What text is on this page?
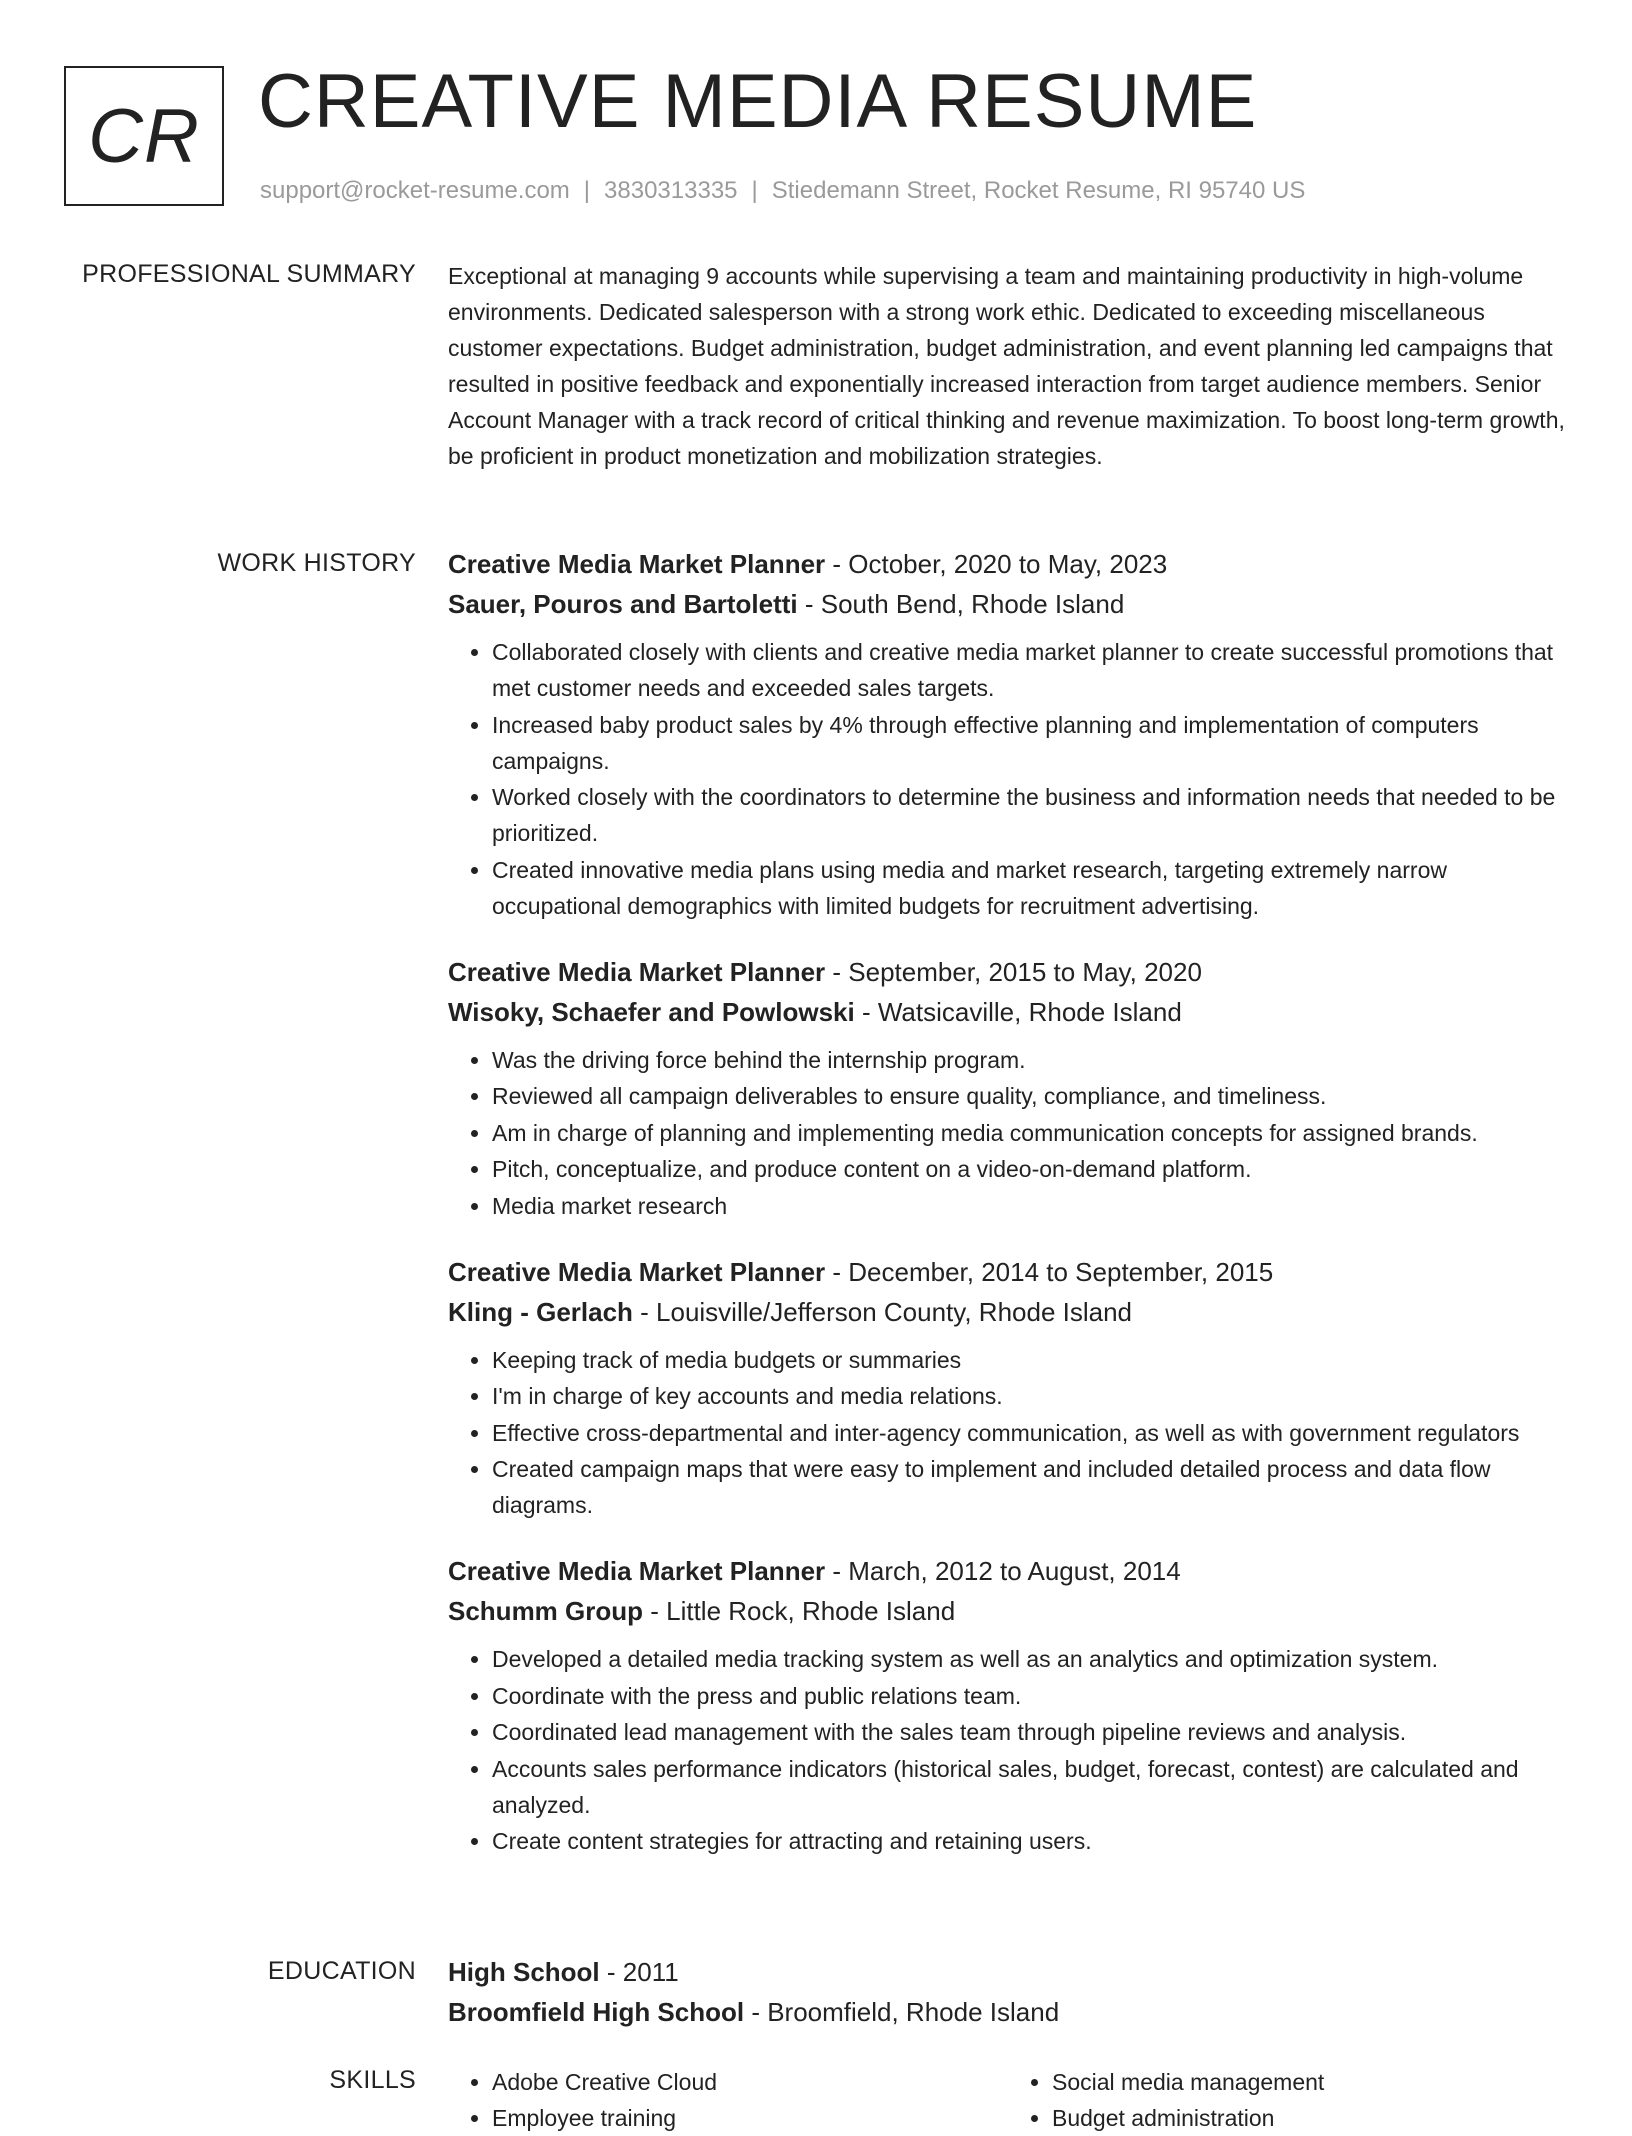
CR CREATIVE MEDIA RESUME
support@rocket-resume.com | 3830313335 | Stiedemann Street, Rocket Resume, RI 95740 US
PROFESSIONAL SUMMARY Exceptional at managing 9 accounts while supervising a team and maintaining productivity in high-volume environments. Dedicated salesperson with a strong work ethic. Dedicated to exceeding miscellaneous customer expectations. Budget administration, budget administration, and event planning led campaigns that resulted in positive feedback and exponentially increased interaction from target audience members. Senior Account Manager with a track record of critical thinking and revenue maximization. To boost long-term growth, be proficient in product monetization and mobilization strategies.

WORK HISTORY Creative Media Market Planner - October, 2020 to May, 2023
Sauer, Pouros and Bartoletti - South Bend, Rhode Island
• Collaborated closely with clients and creative media market planner to create successful promotions that met customer needs and exceeded sales targets.
• Increased baby product sales by 4% through effective planning and implementation of computers campaigns.
• Worked closely with the coordinators to determine the business and information needs that needed to be prioritized.
• Created innovative media plans using media and market research, targeting extremely narrow occupational demographics with limited budgets for recruitment advertising.
Creative Media Market Planner - September, 2015 to May, 2020
Wisoky, Schaefer and Powlowski - Watsicaville, Rhode Island
• Was the driving force behind the internship program.
• Reviewed all campaign deliverables to ensure quality, compliance, and timeliness.
• Am in charge of planning and implementing media communication concepts for assigned brands.
• Pitch, conceptualize, and produce content on a video-on-demand platform.
• Media market research
Creative Media Market Planner - December, 2014 to September, 2015
Kling - Gerlach - Louisville/Jefferson County, Rhode Island
• Keeping track of media budgets or summaries
• I'm in charge of key accounts and media relations.
• Effective cross-departmental and inter-agency communication, as well as with government regulators
• Created campaign maps that were easy to implement and included detailed process and data flow diagrams.
Creative Media Market Planner - March, 2012 to August, 2014
Schumm Group - Little Rock, Rhode Island
• Developed a detailed media tracking system as well as an analytics and optimization system.
• Coordinate with the press and public relations team.
• Coordinated lead management with the sales team through pipeline reviews and analysis.
• Accounts sales performance indicators (historical sales, budget, forecast, contest) are calculated and analyzed.
• Create content strategies for attracting and retaining users.
EDUCATION High School - 2011
Broomfield High School - Broomfield, Rhode Island
SKILLS
•	Adobe Creative Cloud
• Employee training
• Social media management
• Budget administration
